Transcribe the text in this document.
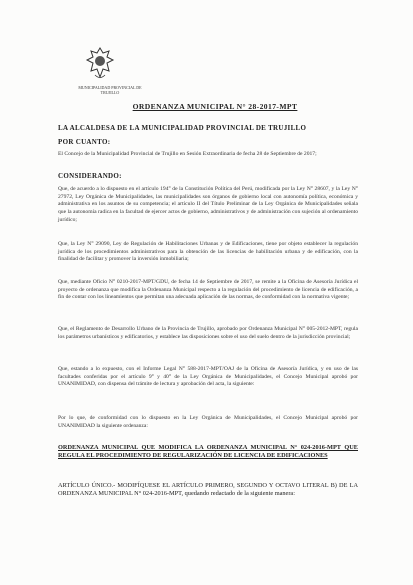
MUNICIPALIDAD PROVINCIAL DE TRUJILLO
ORDENANZA MUNICIPAL N° 28-2017-MPT
LA ALCALDESA DE LA MUNICIPALIDAD PROVINCIAL DE TRUJILLO
POR CUANTO:
El Concejo de la Municipalidad Provincial de Trujillo en Sesión Extraordinaria de fecha 28 de Septiembre de 2017;
CONSIDERANDO:
Que, de acuerdo a lo dispuesto en el artículo 194° de la Constitución Política del Perú, modificada por la Ley N° 28607, y la Ley N° 27972, Ley Orgánica de Municipalidades, las municipalidades son órganos de gobierno local con autonomía política, económica y administrativa en los asuntos de su competencia; el artículo II del Título Preliminar de la Ley Orgánica de Municipalidades señala que la autonomía radica en la facultad de ejercer actos de gobierno, administrativos y de administración con sujeción al ordenamiento jurídico;
Que, la Ley N° 29090, Ley de Regulación de Habilitaciones Urbanas y de Edificaciones, tiene por objeto establecer la regulación jurídica de los procedimientos administrativos para la obtención de las licencias de habilitación urbana y de edificación, con la finalidad de facilitar y promover la inversión inmobiliaria;
Que, mediante Oficio N° 0210-2017-MPT/GDU, de fecha 14 de Septiembre de 2017, se remite a la Oficina de Asesoría Jurídica el proyecto de ordenanza que modifica la Ordenanza Municipal respecto a la regulación del procedimiento de licencia de edificación, a fin de contar con los lineamientos que permitan una adecuada aplicación de las normas, de conformidad con la normativa vigente;
Que, el Reglamento de Desarrollo Urbano de la Provincia de Trujillo, aprobado por Ordenanza Municipal N° 005-2012-MPT, regula los parámetros urbanísticos y edificatorios, y establece las disposiciones sobre el uso del suelo dentro de la jurisdicción provincial;
Que, estando a lo expuesto, con el Informe Legal N° 588-2017-MPT/OAJ de la Oficina de Asesoría Jurídica, y en uso de las facultades conferidas por el artículo 9° y 40° de la Ley Orgánica de Municipalidades, el Concejo Municipal aprobó por UNANIMIDAD, con dispensa del trámite de lectura y aprobación del acta, la siguiente:
Por lo que, de conformidad con lo dispuesto en la Ley Orgánica de Municipalidades, el Concejo Municipal aprobó por UNANIMIDAD la siguiente ordenanza:
ORDENANZA MUNICIPAL QUE MODIFICA LA ORDENANZA MUNICIPAL N° 024-2016-MPT QUE REGULA EL PROCEDIMIENTO DE REGULARIZACIÓN DE LICENCIA DE EDIFICACIONES
ARTÍCULO ÚNICO.- MODIFÍQUESE EL ARTÍCULO PRIMERO, SEGUNDO Y OCTAVO LITERAL B) DE LA ORDENANZA MUNICIPAL N° 024-2016-MPT, quedando redactado de la siguiente manera:
